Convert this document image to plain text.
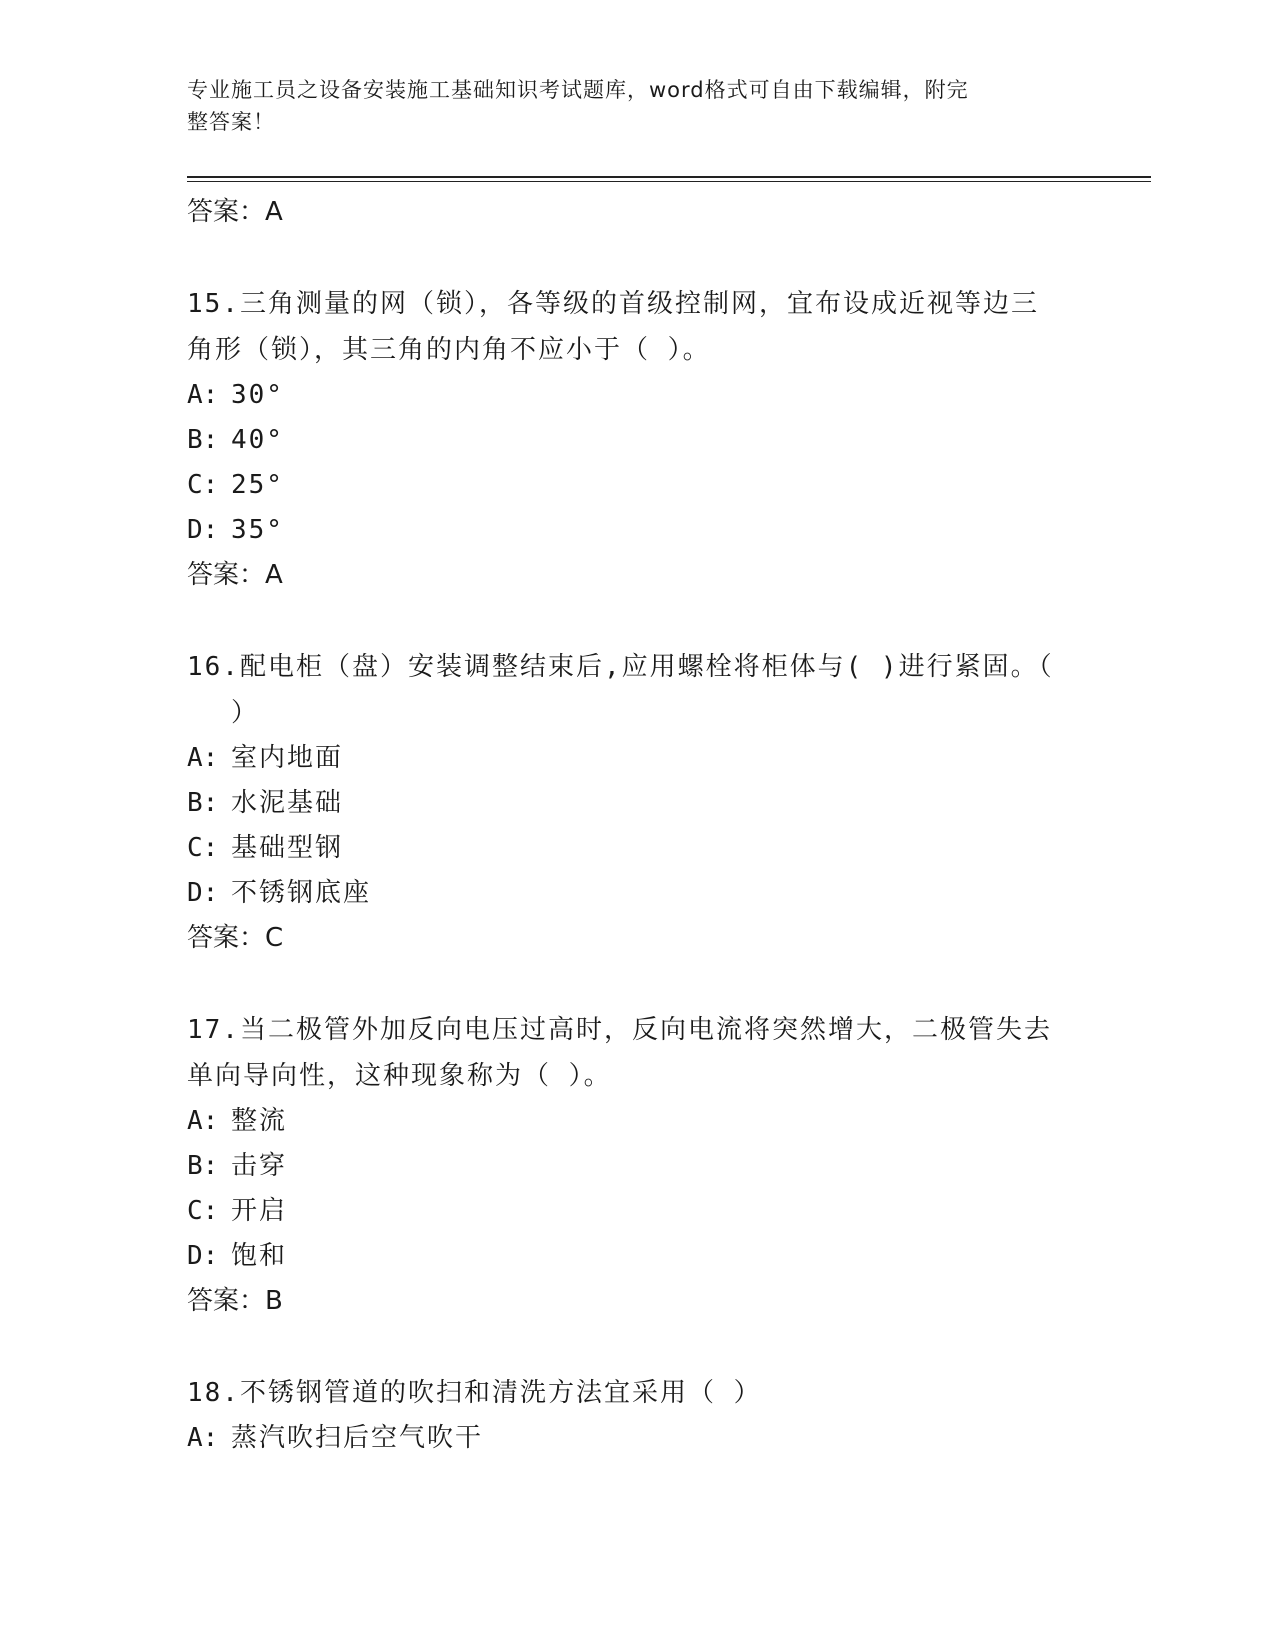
专业施工员之设备安装施工基础知识考试题库，word格式可自由下载编辑，附完
整答案！
答案：A
15.三角测量的网（锁），各等级的首级控制网，宜布设成近视等边三
角形（锁），其三角的内角不应小于（ ）。
A: 30°
B: 40°
C: 25°
D: 35°
答案：A
16.配电柜（盘）安装调整结束后,应用螺栓将柜体与( )进行紧固。（
）
A: 室内地面
B: 水泥基础
C: 基础型钢
D: 不锈钢底座
答案：C
17.当二极管外加反向电压过高时，反向电流将突然增大，二极管失去
单向导向性，这种现象称为（ ）。
A: 整流
B: 击穿
C: 开启
D: 饱和
答案：B
18.不锈钢管道的吹扫和清洗方法宜采用（ ）
A: 蒸汽吹扫后空气吹干
